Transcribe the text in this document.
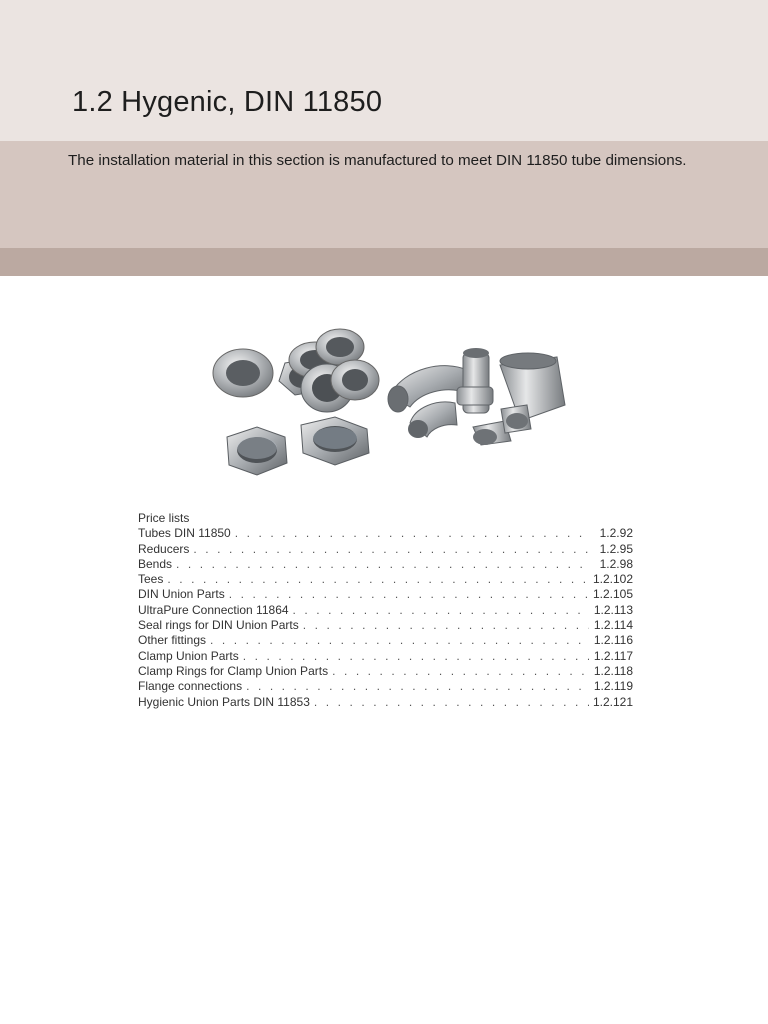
1.2 Hygenic, DIN 11850
The installation material in this section is manufactured to meet DIN 11850 tube dimensions.
Price lists
Tubes DIN 11850 . . .	1.2.92
Reducers . . .	1.2.95
Bends . . .	1.2.98
Tees . . .	1.2.102
DIN Union Parts . . .	1.2.105
UltraPure Connection 11864 . . .	1.2.113
Seal rings for DIN Union Parts . . .	1.2.114
Other fittings . . .	1.2.116
Clamp Union Parts . . .	1.2.117
Clamp Rings for Clamp Union Parts . . .	1.2.118
Flange connections . . .	1.2.119
Hygienic Union Parts DIN 11853 . . .	1.2.121
